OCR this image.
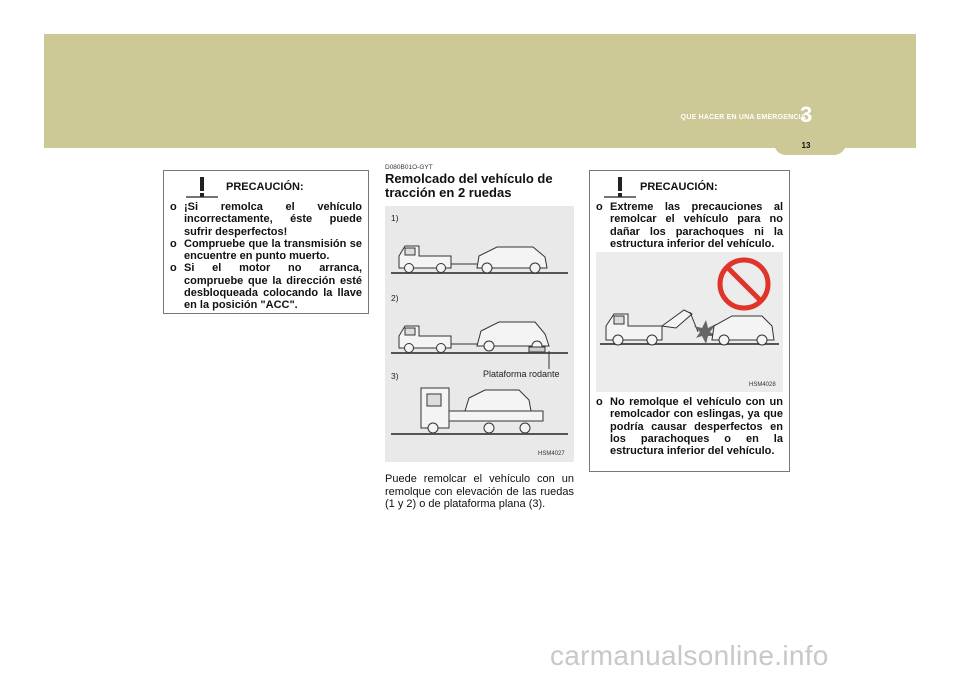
QUE HACER EN UNA EMERGENCIA
3
13
PRECAUCIÓN:
o ¡Si remolca el vehículo incorrectamente, éste puede sufrir desperfectos!
o Compruebe que la transmisión se encuentre en punto muerto.
o Si el motor no arranca, compruebe que la dirección esté desbloqueada colocando la llave en la posición "ACC".
D080B01O-GYT
Remolcado del vehículo de tracción en 2 ruedas
1)
2)
3)	Plataforma rodante
HSM4027
Puede remolcar el vehículo con un remolque con elevación de las ruedas (1 y 2) o de plataforma plana (3).
PRECAUCIÓN:
o Extreme las precauciones al remolcar el vehículo para no dañar los parachoques ni la estructura inferior del vehículo.
HSM4028
o No remolque el vehículo con un remolcador con eslingas, ya que podría causar desperfectos en los parachoques o en la estructura inferior del vehículo.
carmanualsonline.info
